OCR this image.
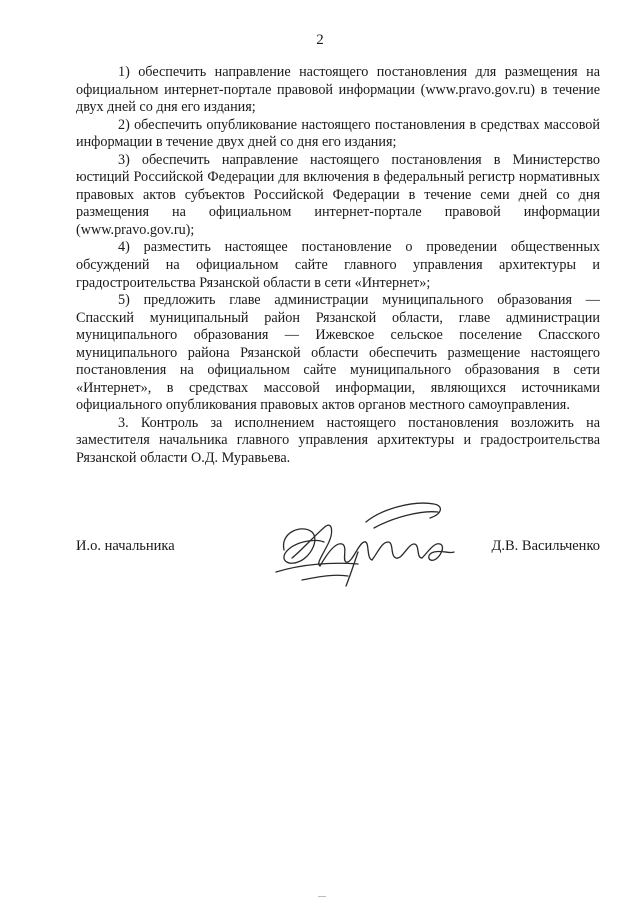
2

1) обеспечить направление настоящего постановления для размещения на официальном интернет-портале правовой информации (www.pravo.gov.ru) в течение двух дней со дня его издания;

2) обеспечить опубликование настоящего постановления в средствах массовой информации в течение двух дней со дня его издания;

3) обеспечить направление настоящего постановления в Министерство юстиций Российской Федерации для включения в федеральный регистр нормативных правовых актов субъектов Российской Федерации в течение семи дней со дня размещения на официальном интернет-портале правовой информации (www.pravo.gov.ru);

4) разместить настоящее постановление о проведении общественных обсуждений на официальном сайте главного управления архитектуры и градостроительства Рязанской области в сети «Интернет»;

5) предложить главе администрации муниципального образования — Спасский муниципальный район Рязанской области, главе администрации муниципального образования — Ижевское сельское поселение Спасского муниципального района Рязанской области обеспечить размещение настоящего постановления на официальном сайте муниципального образования в сети «Интернет», в средствах массовой информации, являющихся источниками официального опубликования правовых актов органов местного самоуправления.

3. Контроль за исполнением настоящего постановления возложить на заместителя начальника главного управления архитектуры и градостроительства Рязанской области О.Д. Муравьева.

И.о. начальника	Д.В. Васильченко
